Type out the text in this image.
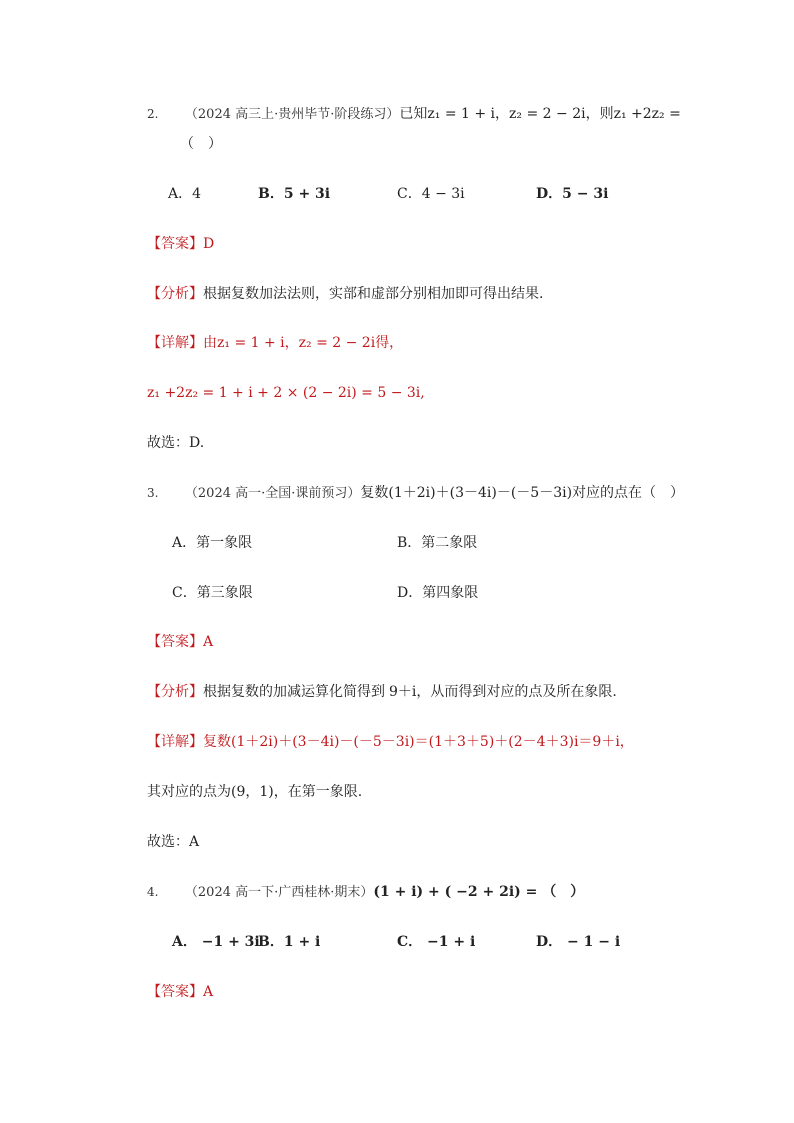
2. （2024 高三上·贵州毕节·阶段练习）已知z₁ = 1 + i，z₂ = 2 − 2i，则z₁ +2z₂ =
（　）
A．4	B．5 + 3i	C．4 − 3i	D．5 − 3i
【答案】D
【分析】根据复数加法法则，实部和虚部分别相加即可得出结果.
【详解】由z₁ = 1 + i，z₂ = 2 − 2i得，
z₁ +2z₂ = 1 + i + 2 × (2 − 2i) = 5 − 3i,
故选：D.
3. （2024 高一·全国·课前预习）复数(1＋2i)＋(3－4i)－(－5－3i)对应的点在（　）
A．第一象限	B．第二象限
C．第三象限	D．第四象限
【答案】A
【分析】根据复数的加减运算化简得到 9＋i，从而得到对应的点及所在象限.
【详解】复数(1＋2i)＋(3－4i)－(－5－3i)＝(1＋3＋5)＋(2－4＋3)i＝9＋i，
其对应的点为(9，1)，在第一象限.
故选：A
4. （2024 高一下·广西桂林·期末）(1 + i) + ( −2 + 2i) = （　）
A． −1 + 3i
B．1 + i	C． −1 + i	D． − 1 − i
【答案】A
